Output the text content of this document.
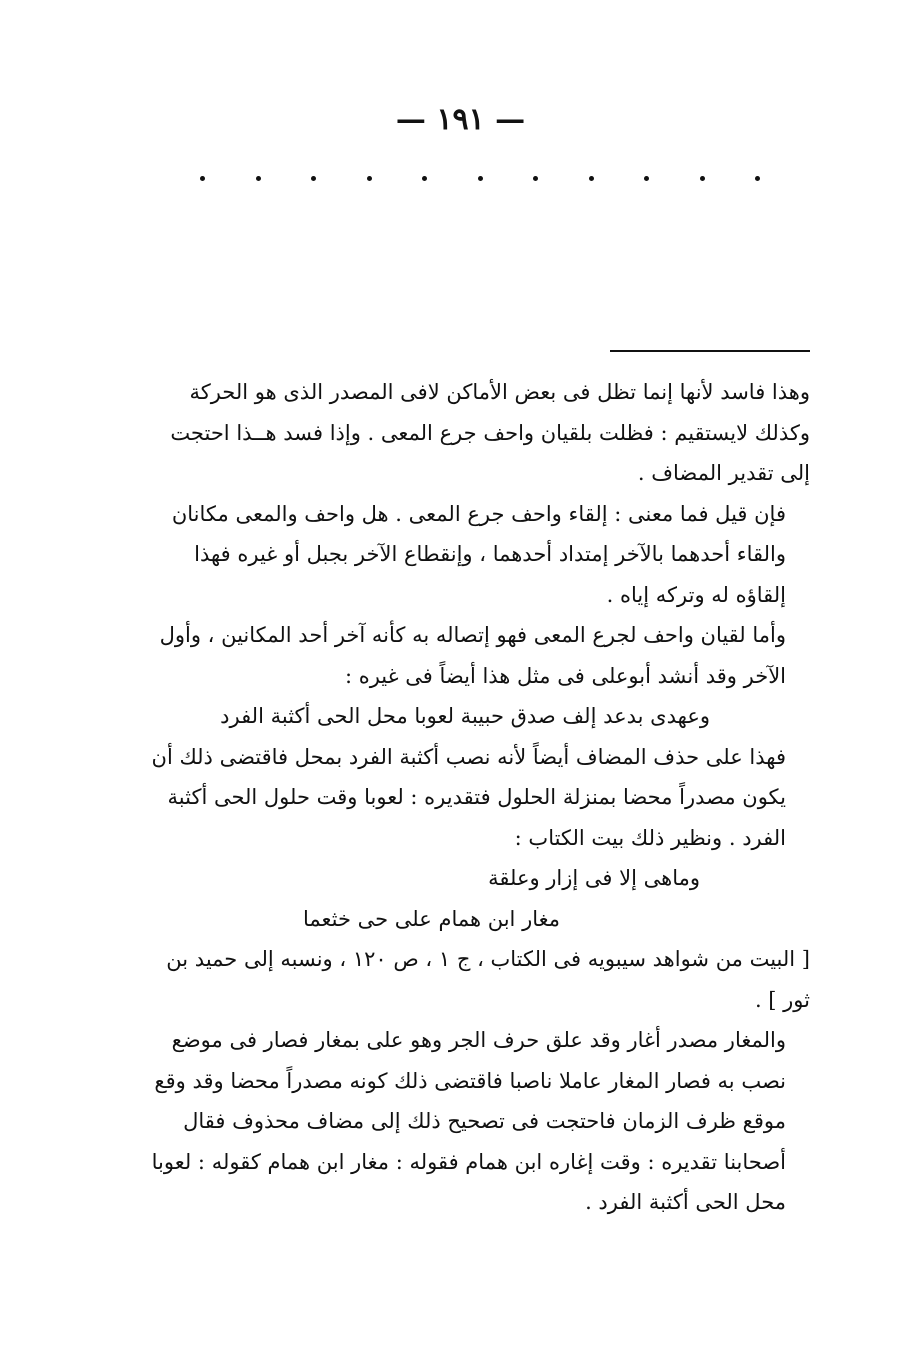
— ١٩١ —

وهذا فاسد لأنها إنما تظل فى بعض الأماكن لافى المصدر الذى هو الحركة وكذلك لايستقيم : فظلت بلقيان واحف جرع المعى . وإذا فسد هــذا احتجت إلى تقدير المضاف .

فإن قيل فما معنى : إلقاء واحف جرع المعى . هل واحف والمعى مكانان والقاء أحدهما بالآخر إمتداد أحدهما ، وإنقطاع الآخر بجبل أو غيره فهذا إلقاؤه له وتركه إياه .

وأما لقيان واحف لجرع المعى فهو إتصاله به كأنه آخر أحد المكانين ، وأول الآخر وقد أنشد أبوعلى فى مثل هذا أيضاً فى غيره :

وعهدى بدعد إلف صدق حبيبة لعوبا محل الحى أكثبة الفرد

فهذا على حذف المضاف أيضاً لأنه نصب أكثبة الفرد بمحل فاقتضى ذلك أن يكون مصدراً محضا بمنزلة الحلول فتقديره : لعوبا وقت حلول الحى أكثبة الفرد . ونظير ذلك بيت الكتاب :

وماهى إلا فى إزار وعلقة

مغار ابن همام على حى خثعما

[ البيت من شواهد سيبويه فى الكتاب ، ج ١ ، ص ١٢٠ ، ونسبه إلى حميد بن ثور ] .

والمغار مصدر أغار وقد علق حرف الجر وهو على بمغار فصار فى موضع نصب به فصار المغار عاملا ناصبا فاقتضى ذلك كونه مصدراً محضا وقد وقع موقع ظرف الزمان فاحتجت فى تصحيح ذلك إلى مضاف محذوف فقال أصحابنا تقديره : وقت إغاره ابن همام فقوله : مغار ابن همام كقوله : لعوبا محل الحى أكثبة الفرد .
